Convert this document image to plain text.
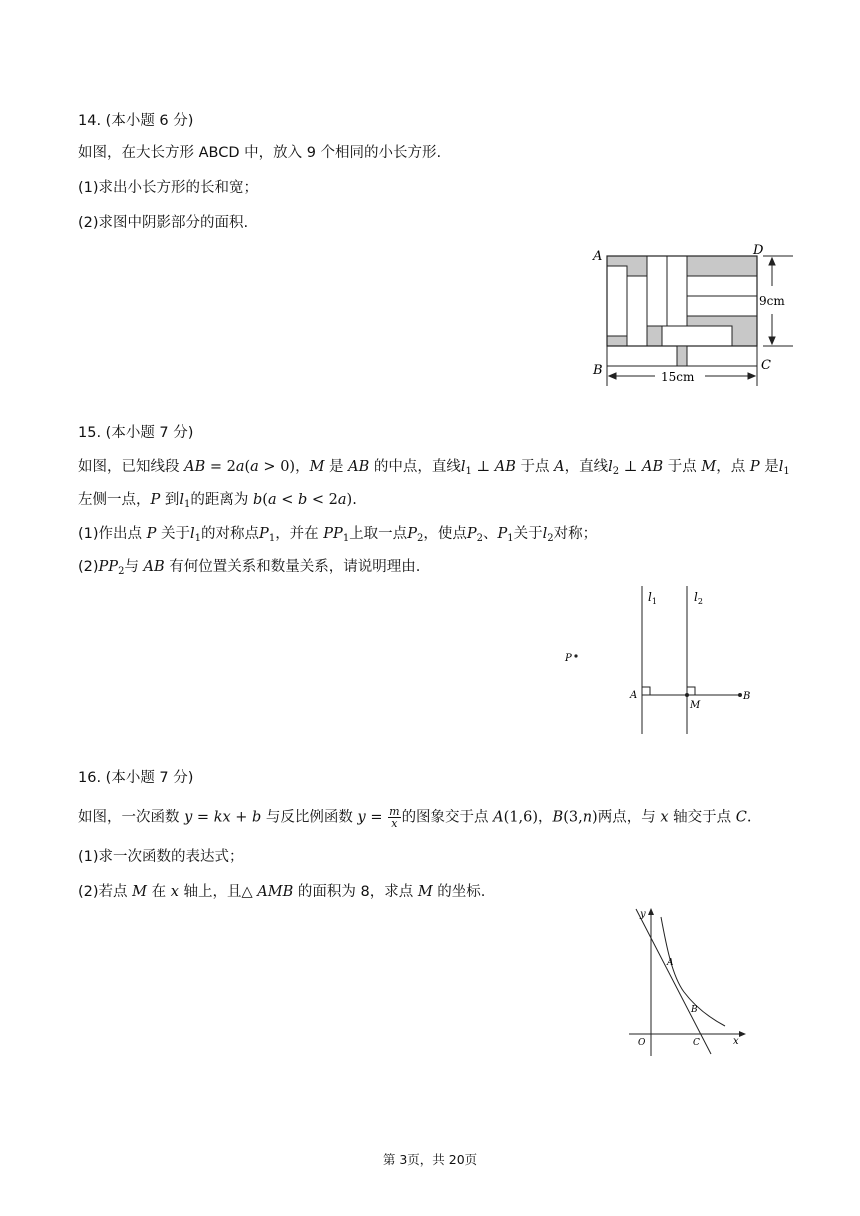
14. (本小题 6 分)
如图，在大长方形 ABCD 中，放入 9 个相同的小长方形.
(1)求出小长方形的长和宽；
(2)求图中阴影部分的面积.
A	D
B	C
9cm
15cm
15. (本小题 7 分)
如图，已知线段 AB = 2a(a > 0)，M 是 AB 的中点，直线$l_1$ ⊥ AB 于点 A，直线$l_2$ ⊥ AB 于点 M，点 P 是$l_1$
左侧一点，P 到$l_1$的距离为 b(a < b < 2a).
(1)作出点 P 关于$l_1$的对称点$P_1$，并在 $PP_1$上取一点$P_2$，使点$P_2$、$P_1$关于$l_2$对称；
$(2)PP_2$与 AB 有何位置关系和数量关系，请说明理由.
$l_1$	$l_2$
P
A
M
B
16. (本小题 7 分)
如图，一次函数 y = kx + b 与反比例函数 $y = \frac{m}{x}$ 的图象交于点 A(1,6)，B(3,n)两点，与 x 轴交于点 C.
(1)求一次函数的表达式；
(2)若点 M 在 x 轴上，且△ AMB 的面积为 8，求点 M 的坐标.
y
x
O
A
B
C
第 3页，共 20页
